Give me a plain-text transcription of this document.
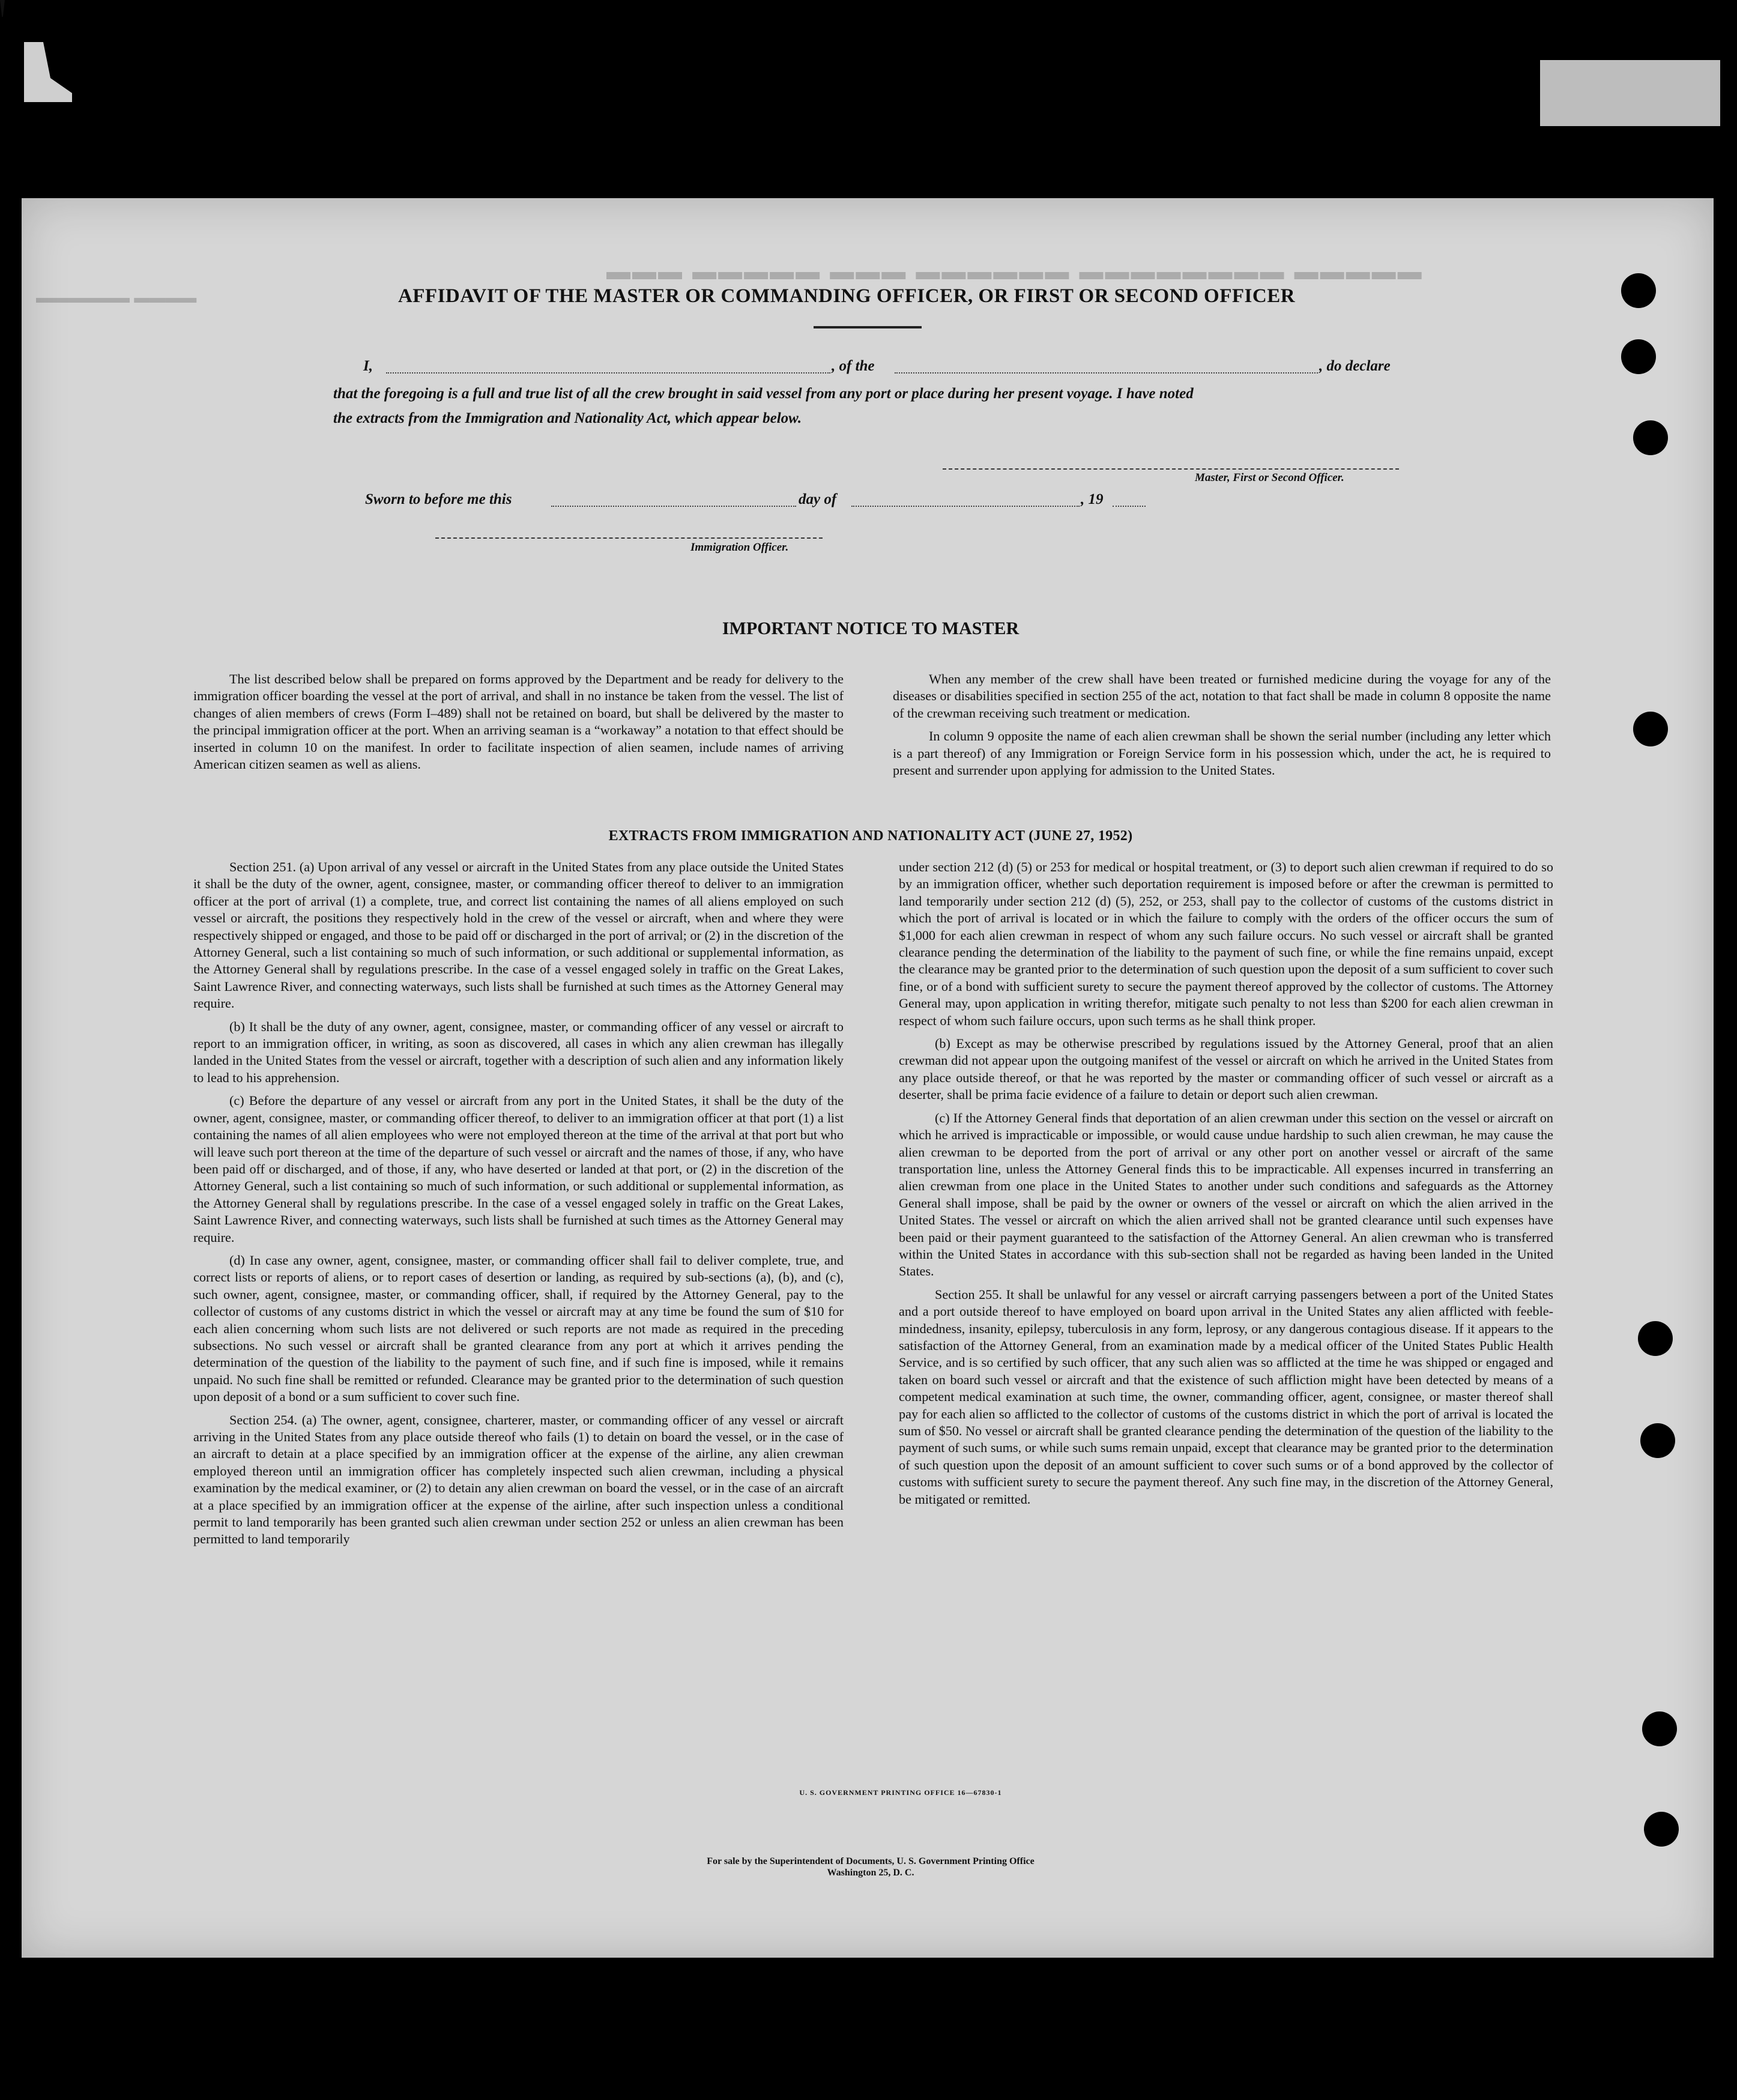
▬▬▬ ▬▬▬▬▬ ▬▬▬ ▬▬▬▬▬▬ ▬▬▬▬▬▬▬▬ ▬▬▬▬▬
▬▬▬▬▬▬ ▬▬▬▬	AFFIDAVIT OF THE MASTER OR COMMANDING OFFICER, OR FIRST OR SECOND OFFICER
I,	, of the	, do declare
that the foregoing is a full and true list of all the crew brought in said vessel from any port or place during her present voyage. I have noted
the extracts from the Immigration and Nationality Act, which appear below.
Master, First or Second Officer.
Sworn to before me this	day of	, 19
Immigration Officer.
IMPORTANT NOTICE TO MASTER

The list described below shall be prepared on forms approved by the Department and be ready for delivery to the immigration officer boarding the vessel at the port of arrival, and shall in no instance be taken from the vessel. The list of changes of alien members of crews (Form I–489) shall not be retained on board, but shall be delivered by the master to the principal immigration officer at the port. When an arriving seaman is a “workaway” a notation to that effect should be inserted in column 10 on the manifest. In order to facilitate inspection of alien seamen, include names of arriving American citizen seamen as well as aliens.

When any member of the crew shall have been treated or furnished medicine during the voyage for any of the diseases or disabilities specified in section 255 of the act, notation to that fact shall be made in column 8 opposite the name of the crewman receiving such treatment or medication.

In column 9 opposite the name of each alien crewman shall be shown the serial number (including any letter which is a part thereof) of any Immigration or Foreign Service form in his possession which, under the act, he is required to present and surrender upon applying for admission to the United States.

EXTRACTS FROM IMMIGRATION AND NATIONALITY ACT (JUNE 27, 1952)

Section 251. (a) Upon arrival of any vessel or aircraft in the United States from any place outside the United States it shall be the duty of the owner, agent, consignee, master, or commanding officer thereof to deliver to an immigration officer at the port of arrival (1) a complete, true, and correct list containing the names of all aliens employed on such vessel or aircraft, the positions they respectively hold in the crew of the vessel or aircraft, when and where they were respectively shipped or engaged, and those to be paid off or discharged in the port of arrival; or (2) in the discretion of the Attorney General, such a list containing so much of such information, or such additional or supplemental information, as the Attorney General shall by regulations prescribe. In the case of a vessel engaged solely in traffic on the Great Lakes, Saint Lawrence River, and connecting waterways, such lists shall be furnished at such times as the Attorney General may require.

(b) It shall be the duty of any owner, agent, consignee, master, or commanding officer of any vessel or aircraft to report to an immigration officer, in writing, as soon as discovered, all cases in which any alien crewman has illegally landed in the United States from the vessel or aircraft, together with a description of such alien and any information likely to lead to his apprehension.

(c) Before the departure of any vessel or aircraft from any port in the United States, it shall be the duty of the owner, agent, consignee, master, or commanding officer thereof, to deliver to an immigration officer at that port (1) a list containing the names of all alien employees who were not employed thereon at the time of the arrival at that port but who will leave such port thereon at the time of the departure of such vessel or aircraft and the names of those, if any, who have been paid off or discharged, and of those, if any, who have deserted or landed at that port, or (2) in the discretion of the Attorney General, such a list containing so much of such information, or such additional or supplemental information, as the Attorney General shall by regulations prescribe. In the case of a vessel engaged solely in traffic on the Great Lakes, Saint Lawrence River, and connecting waterways, such lists shall be furnished at such times as the Attorney General may require.

(d) In case any owner, agent, consignee, master, or commanding officer shall fail to deliver complete, true, and correct lists or reports of aliens, or to report cases of desertion or landing, as required by sub-sections (a), (b), and (c), such owner, agent, consignee, master, or commanding officer, shall, if required by the Attorney General, pay to the collector of customs of any customs district in which the vessel or aircraft may at any time be found the sum of $10 for each alien concerning whom such lists are not delivered or such reports are not made as required in the preceding subsections. No such vessel or aircraft shall be granted clearance from any port at which it arrives pending the determination of the question of the liability to the payment of such fine, and if such fine is imposed, while it remains unpaid. No such fine shall be remitted or refunded. Clearance may be granted prior to the determination of such question upon deposit of a bond or a sum sufficient to cover such fine.

Section 254. (a) The owner, agent, consignee, charterer, master, or commanding officer of any vessel or aircraft arriving in the United States from any place outside thereof who fails (1) to detain on board the vessel, or in the case of an aircraft to detain at a place specified by an immigration officer at the expense of the airline, any alien crewman employed thereon until an immigration officer has completely inspected such alien crewman, including a physical examination by the medical examiner, or (2) to detain any alien crewman on board the vessel, or in the case of an aircraft at a place specified by an immigration officer at the expense of the airline, after such inspection unless a conditional permit to land temporarily has been granted such alien crewman under section 252 or unless an alien crewman has been permitted to land temporarily

under section 212 (d) (5) or 253 for medical or hospital treatment, or (3) to deport such alien crewman if required to do so by an immigration officer, whether such deportation requirement is imposed before or after the crewman is permitted to land temporarily under section 212 (d) (5), 252, or 253, shall pay to the collector of customs of the customs district in which the port of arrival is located or in which the failure to comply with the orders of the officer occurs the sum of $1,000 for each alien crewman in respect of whom any such failure occurs. No such vessel or aircraft shall be granted clearance pending the determination of the liability to the payment of such fine, or while the fine remains unpaid, except the clearance may be granted prior to the determination of such question upon the deposit of a sum sufficient to cover such fine, or of a bond with sufficient surety to secure the payment thereof approved by the collector of customs. The Attorney General may, upon application in writing therefor, mitigate such penalty to not less than $200 for each alien crewman in respect of whom such failure occurs, upon such terms as he shall think proper.

(b) Except as may be otherwise prescribed by regulations issued by the Attorney General, proof that an alien crewman did not appear upon the outgoing manifest of the vessel or aircraft on which he arrived in the United States from any place outside thereof, or that he was reported by the master or commanding officer of such vessel or aircraft as a deserter, shall be prima facie evidence of a failure to detain or deport such alien crewman.

(c) If the Attorney General finds that deportation of an alien crewman under this section on the vessel or aircraft on which he arrived is impracticable or impossible, or would cause undue hardship to such alien crewman, he may cause the alien crewman to be deported from the port of arrival or any other port on another vessel or aircraft of the same transportation line, unless the Attorney General finds this to be impracticable. All expenses incurred in transferring an alien crewman from one place in the United States to another under such conditions and safeguards as the Attorney General shall impose, shall be paid by the owner or owners of the vessel or aircraft on which the alien arrived in the United States. The vessel or aircraft on which the alien arrived shall not be granted clearance until such expenses have been paid or their payment guaranteed to the satisfaction of the Attorney General. An alien crewman who is transferred within the United States in accordance with this sub-section shall not be regarded as having been landed in the United States.

Section 255. It shall be unlawful for any vessel or aircraft carrying passengers between a port of the United States and a port outside thereof to have employed on board upon arrival in the United States any alien afflicted with feeble-mindedness, insanity, epilepsy, tuberculosis in any form, leprosy, or any dangerous contagious disease. If it appears to the satisfaction of the Attorney General, from an examination made by a medical officer of the United States Public Health Service, and is so certified by such officer, that any such alien was so afflicted at the time he was shipped or engaged and taken on board such vessel or aircraft and that the existence of such affliction might have been detected by means of a competent medical examination at such time, the owner, commanding officer, agent, consignee, or master thereof shall pay for each alien so afflicted to the collector of customs of the customs district in which the port of arrival is located the sum of $50. No vessel or aircraft shall be granted clearance pending the determination of the question of the liability to the payment of such sums, or while such sums remain unpaid, except that clearance may be granted prior to the determination of such question upon the deposit of an amount sufficient to cover such sums or of a bond approved by the collector of customs with sufficient surety to secure the payment thereof. Any such fine may, in the discretion of the Attorney General, be mitigated or remitted.

U. S. GOVERNMENT PRINTING OFFICE 16—67830-1
For sale by the Superintendent of Documents, U. S. Government Printing Office
Washington 25, D. C.
